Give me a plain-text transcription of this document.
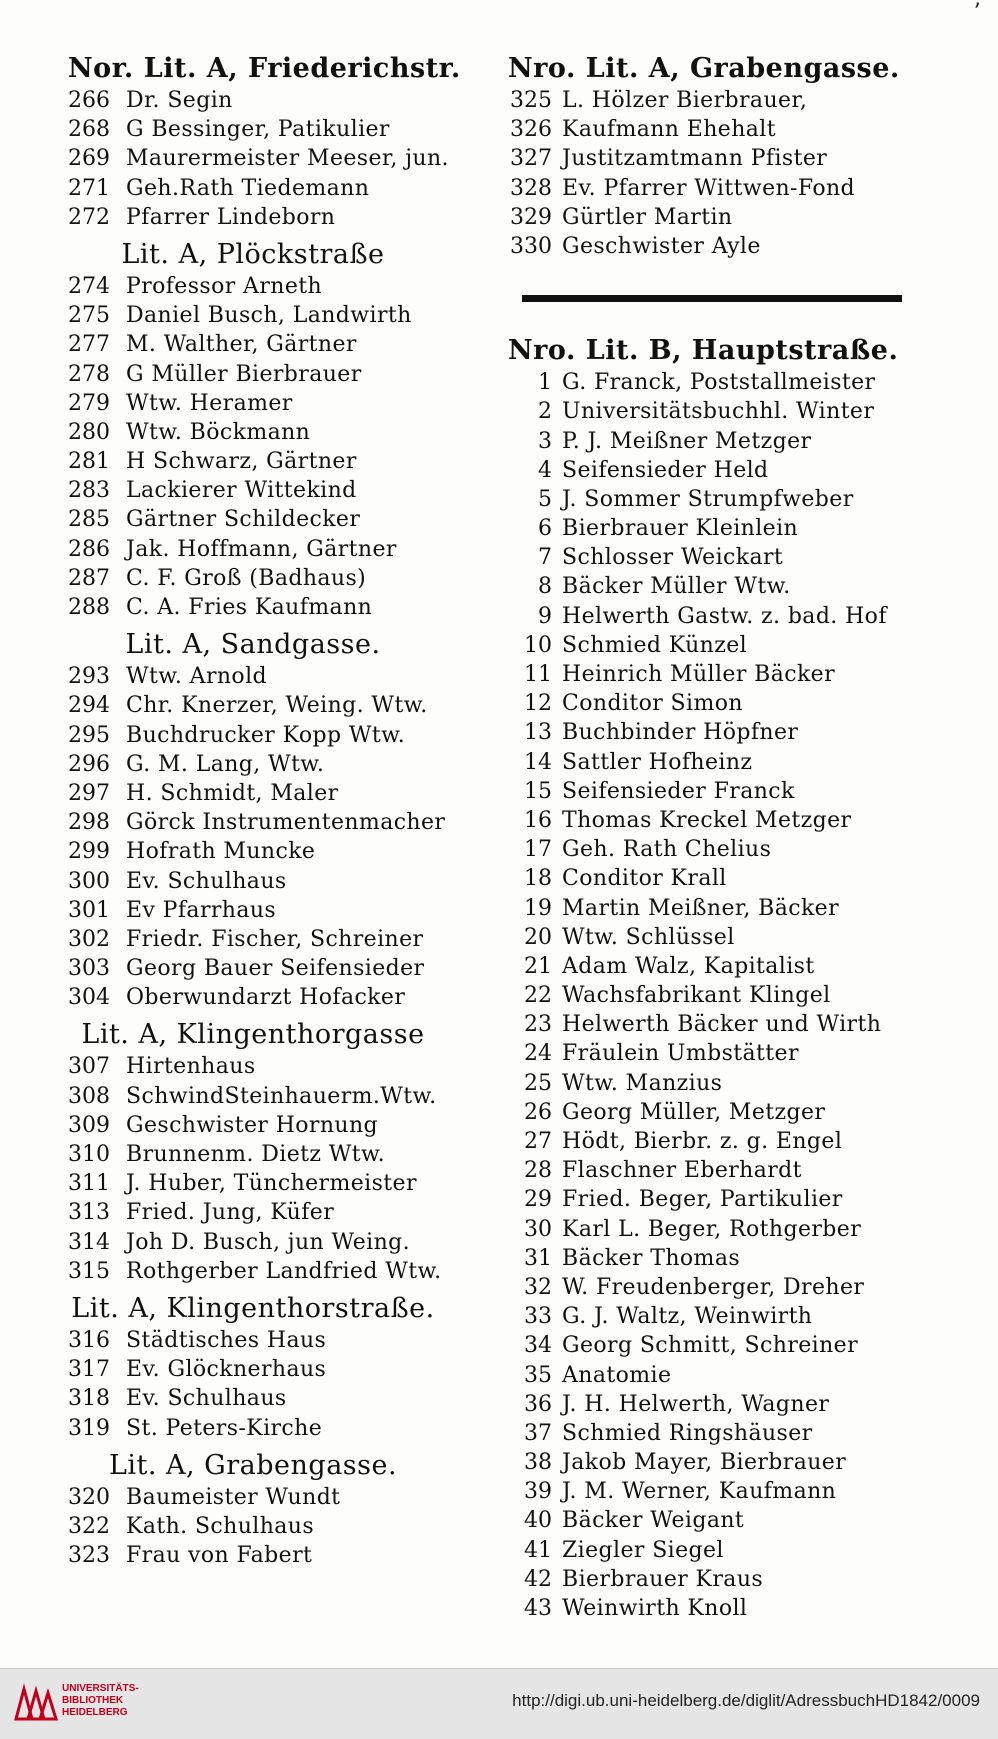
ʼ
Nor. Lit. A, Friederichstr.
266 Dr. Segin
268 G Bessinger, Patikulier
269 Maurermeister Meeser, jun.
271 Geh.Rath Tiedemann
272 Pfarrer Lindeborn
Lit. A, Plöckstraße
274 Professor Arneth
275 Daniel Busch, Landwirth
277 M. Walther, Gärtner
278 G Müller Bierbrauer
279 Wtw. Heramer
280 Wtw. Böckmann
281 H Schwarz, Gärtner
283 Lackierer Wittekind
285 Gärtner Schildecker
286 Jak. Hoffmann, Gärtner
287 C. F. Groß (Badhaus)
288 C. A. Fries Kaufmann
Lit. A, Sandgasse.
293 Wtw. Arnold
294 Chr. Knerzer, Weing. Wtw.
295 Buchdrucker Kopp Wtw.
296 G. M. Lang, Wtw.
297 H. Schmidt, Maler
298 Görck Instrumentenmacher
299 Hofrath Muncke
300 Ev. Schulhaus
301 Ev Pfarrhaus
302 Friedr. Fischer, Schreiner
303 Georg Bauer Seifensieder
304 Oberwundarzt Hofacker
Lit. A, Klingenthorgasse
307 Hirtenhaus
308 SchwindSteinhauerm.Wtw.
309 Geschwister Hornung
310 Brunnenm. Dietz Wtw.
311 J. Huber, Tünchermeister
313 Fried. Jung, Küfer
314 Joh D. Busch, jun Weing.
315 Rothgerber Landfried Wtw.
Lit. A, Klingenthorstraße.
316 Städtisches Haus
317 Ev. Glöcknerhaus
318 Ev. Schulhaus
319 St. Peters-Kirche
Lit. A, Grabengasse.
320 Baumeister Wundt
322 Kath. Schulhaus
323 Frau von Fabert
Nro. Lit. A, Grabengasse.
325 L. Hölzer Bierbrauer,
326 Kaufmann Ehehalt
327 Justitzamtmann Pfister
328 Ev. Pfarrer Wittwen-Fond
329 Gürtler Martin
330 Geschwister Ayle
Nro. Lit. B, Hauptstraße.
1 G. Franck, Poststallmeister
2 Universitätsbuchhl. Winter
3 P. J. Meißner Metzger
4 Seifensieder Held
5 J. Sommer Strumpfweber
6 Bierbrauer Kleinlein
7 Schlosser Weickart
8 Bäcker Müller Wtw.
9 Helwerth Gastw. z. bad. Hof
10 Schmied Künzel
11 Heinrich Müller Bäcker
12 Conditor Simon
13 Buchbinder Höpfner
14 Sattler Hofheinz
15 Seifensieder Franck
16 Thomas Kreckel Metzger
17 Geh. Rath Chelius
18 Conditor Krall
19 Martin Meißner, Bäcker
20 Wtw. Schlüssel
21 Adam Walz, Kapitalist
22 Wachsfabrikant Klingel
23 Helwerth Bäcker und Wirth
24 Fräulein Umbstätter
25 Wtw. Manzius
26 Georg Müller, Metzger
27 Hödt, Bierbr. z. g. Engel
28 Flaschner Eberhardt
29 Fried. Beger, Partikulier
30 Karl L. Beger, Rothgerber
31 Bäcker Thomas
32 W. Freudenberger, Dreher
33 G. J. Waltz, Weinwirth
34 Georg Schmitt, Schreiner
35 Anatomie
36 J. H. Helwerth, Wagner
37 Schmied Ringshäuser
38 Jakob Mayer, Bierbrauer
39 J. M. Werner, Kaufmann
40 Bäcker Weigant
41 Ziegler Siegel
42 Bierbrauer Kraus
43 Weinwirth Knoll
UNIVERSITÄTS-
BIBLIOTHEK
HEIDELBERG
http://digi.ub.uni-heidelberg.de/diglit/AdressbuchHD1842/0009
